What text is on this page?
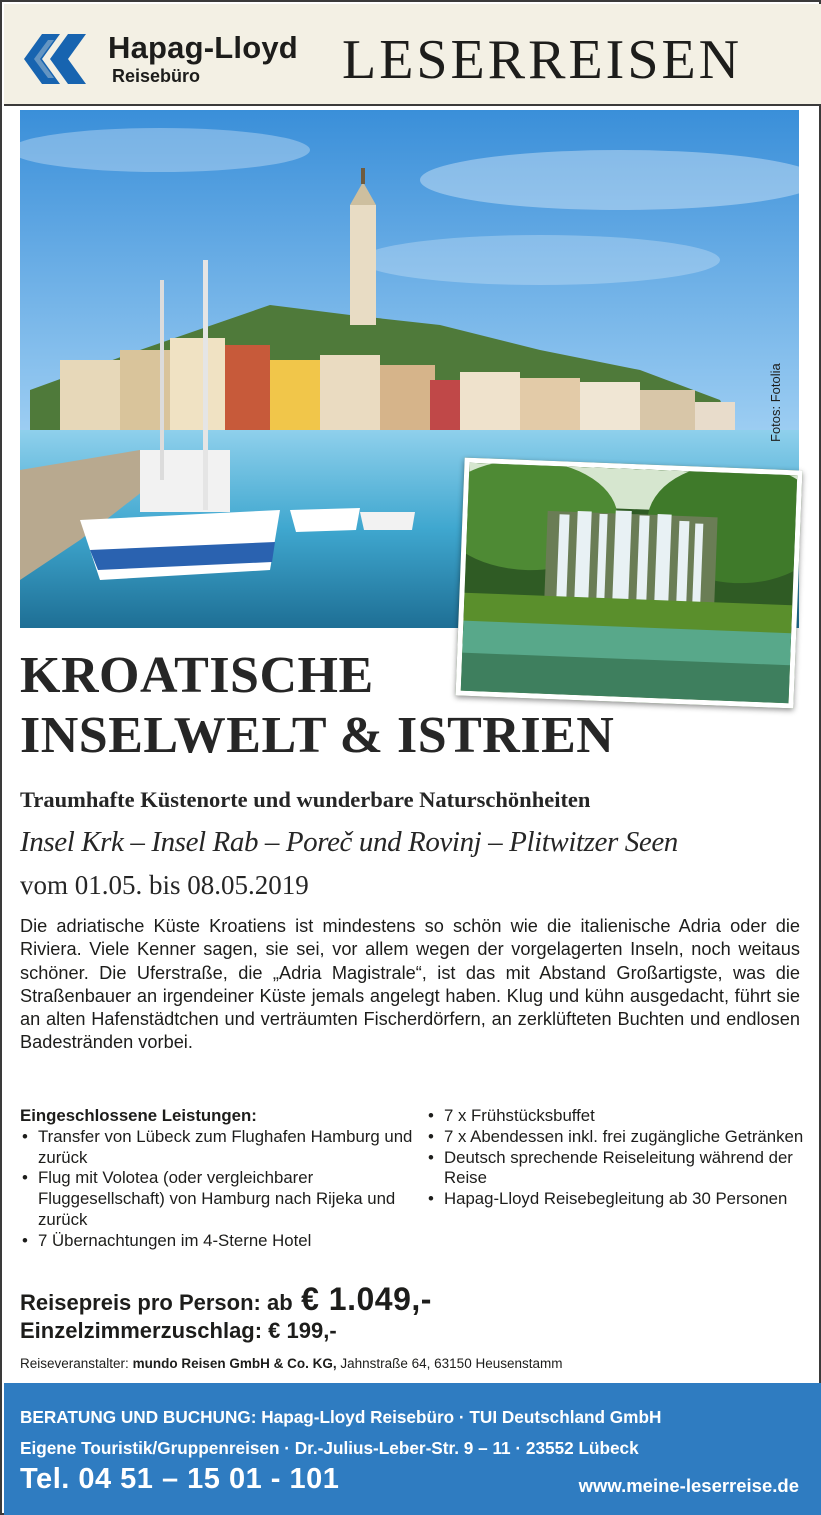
Hapag-Lloyd
Reisebüro	LESERREISEN
Fotos: Fotolia
KROATISCHE
INSELWELT & ISTRIEN
Traumhafte Küstenorte und wunderbare Naturschönheiten
Insel Krk – Insel Rab – Poreč und Rovinj – Plitwitzer Seen
vom 01.05. bis 08.05.2019
Die adriatische Küste Kroatiens ist mindestens so schön wie die italienische Adria oder die Riviera. Viele Kenner sagen, sie sei, vor allem wegen der vorgelagerten Inseln, noch weitaus schöner. Die Uferstraße, die „Adria Magistrale“, ist das mit Abstand Großartigste, was die Straßenbauer an irgendeiner Küste jemals angelegt haben. Klug und kühn ausgedacht, führt sie an alten Hafenstädtchen und verträumten Fischerdörfern, an zerklüfteten Buchten und endlosen Badestränden vorbei.
Eingeschlossene Leistungen:
• Transfer von Lübeck zum Flughafen Hamburg und zurück
• Flug mit Volotea (oder vergleichbarer Fluggesellschaft) von Hamburg nach Rijeka und zurück
• 7 Übernachtungen im 4-Sterne Hotel
• 7 x Frühstücksbuffet
• 7 x Abendessen inkl. frei zugängliche Getränken
• Deutsch sprechende Reiseleitung während der Reise
• Hapag-Lloyd Reisebegleitung ab 30 Personen
Reisepreis pro Person: ab € 1.049,-
Einzelzimmerzuschlag: € 199,-
Reiseveranstalter: mundo Reisen GmbH & Co. KG, Jahnstraße 64, 63150 Heusenstamm
BERATUNG UND BUCHUNG: Hapag-Lloyd Reisebüro · TUI Deutschland GmbH
Eigene Touristik/Gruppenreisen · Dr.-Julius-Leber-Str. 9 – 11 · 23552 Lübeck
Tel. 04 51 – 15 01 - 101	www.meine-leserreise.de
